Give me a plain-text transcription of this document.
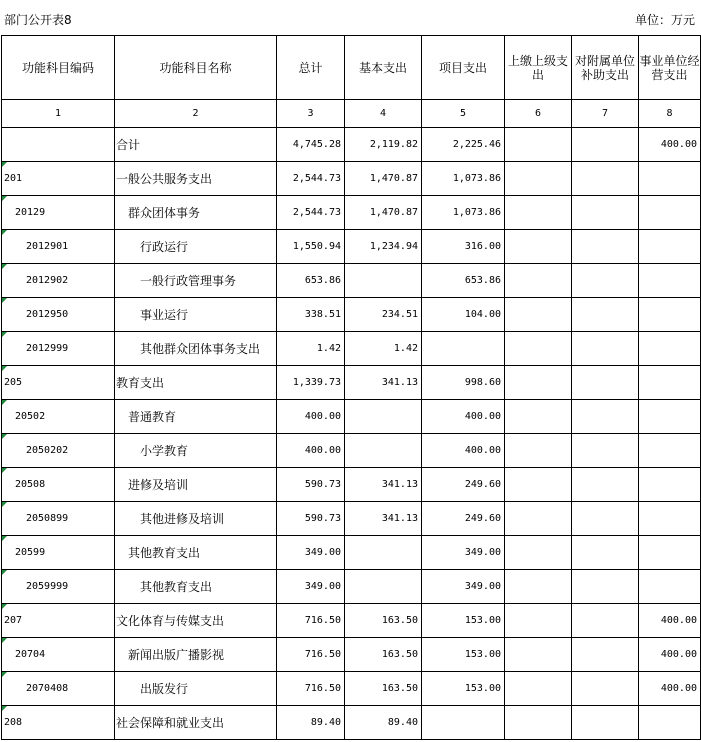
部门公开表8	单位：万元
功能科目编码	功能科目名称	总计	基本支出	项目支出	上缴上级支出	对附属单位补助支出	事业单位经营支出
1	2	3	4	5	6	7	8
	合计	4,745.28	2,119.82	2,225.46			400.00

201	一般公共服务支出	2,544.73	1,470.87	1,073.86			

20129	群众团体事务	2,544.73	1,470.87	1,073.86			

2012901	行政运行	1,550.94	1,234.94	316.00			

2012902	一般行政管理事务	653.86		653.86			

2012950	事业运行	338.51	234.51	104.00			

2012999	其他群众团体事务支出	1.42	1.42				

205	教育支出	1,339.73	341.13	998.60			

20502	普通教育	400.00		400.00			

2050202	小学教育	400.00		400.00			

20508	进修及培训	590.73	341.13	249.60			

2050899	其他进修及培训	590.73	341.13	249.60			

20599	其他教育支出	349.00		349.00			

2059999	其他教育支出	349.00		349.00			

207	文化体育与传媒支出	716.50	163.50	153.00			400.00

20704	新闻出版广播影视	716.50	163.50	153.00			400.00

2070408	出版发行	716.50	163.50	153.00			400.00

208	社会保障和就业支出	89.40	89.40				
